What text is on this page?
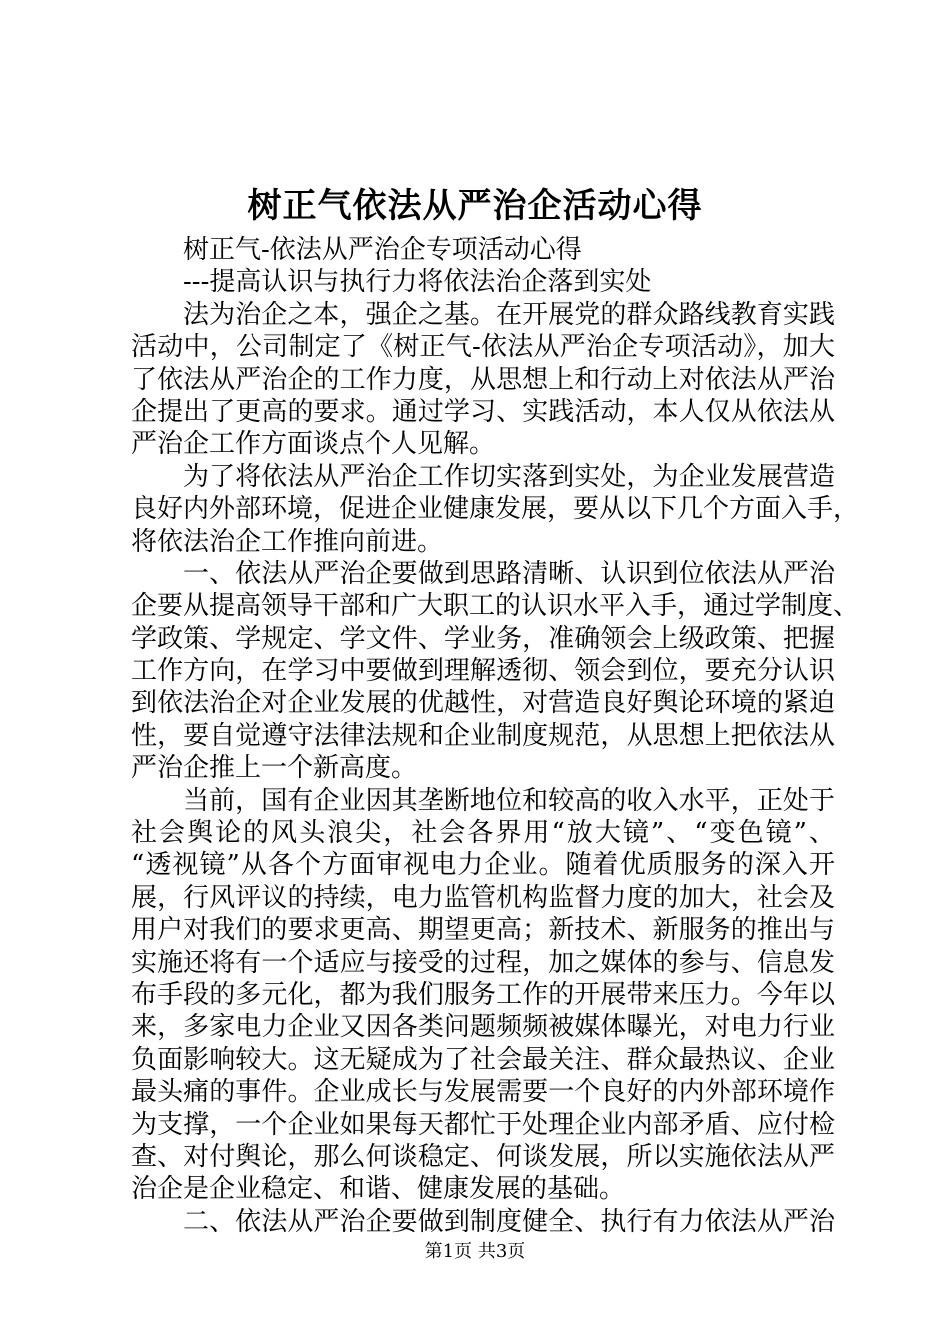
树正气依法从严治企活动心得
树正气-依法从严治企专项活动心得
---提高认识与执行力将依法治企落到实处
法为治企之本，强企之基。在开展党的群众路线教育实践
活动中，公司制定了《树正气-依法从严治企专项活动》，加大
了依法从严治企的工作力度，从思想上和行动上对依法从严治
企提出了更高的要求。通过学习、实践活动，本人仅从依法从
严治企工作方面谈点个人见解。
为了将依法从严治企工作切实落到实处，为企业发展营造
良好内外部环境，促进企业健康发展，要从以下几个方面入手，
将依法治企工作推向前进。
一、依法从严治企要做到思路清晰、认识到位依法从严治
企要从提高领导干部和广大职工的认识水平入手，通过学制度、
学政策、学规定、学文件、学业务，准确领会上级政策、把握
工作方向，在学习中要做到理解透彻、领会到位，要充分认识
到依法治企对企业发展的优越性，对营造良好舆论环境的紧迫
性，要自觉遵守法律法规和企业制度规范，从思想上把依法从
严治企推上一个新高度。
当前，国有企业因其垄断地位和较高的收入水平，正处于
社会舆论的风头浪尖，社会各界用“放大镜”、“变色镜”、
“透视镜”从各个方面审视电力企业。随着优质服务的深入开
展，行风评议的持续，电力监管机构监督力度的加大，社会及
用户对我们的要求更高、期望更高；新技术、新服务的推出与
实施还将有一个适应与接受的过程，加之媒体的参与、信息发
布手段的多元化，都为我们服务工作的开展带来压力。今年以
来，多家电力企业又因各类问题频频被媒体曝光，对电力行业
负面影响较大。这无疑成为了社会最关注、群众最热议、企业
最头痛的事件。企业成长与发展需要一个良好的内外部环境作
为支撑，一个企业如果每天都忙于处理企业内部矛盾、应付检
查、对付舆论，那么何谈稳定、何谈发展，所以实施依法从严
治企是企业稳定、和谐、健康发展的基础。
二、依法从严治企要做到制度健全、执行有力依法从严治
第1页 共3页
